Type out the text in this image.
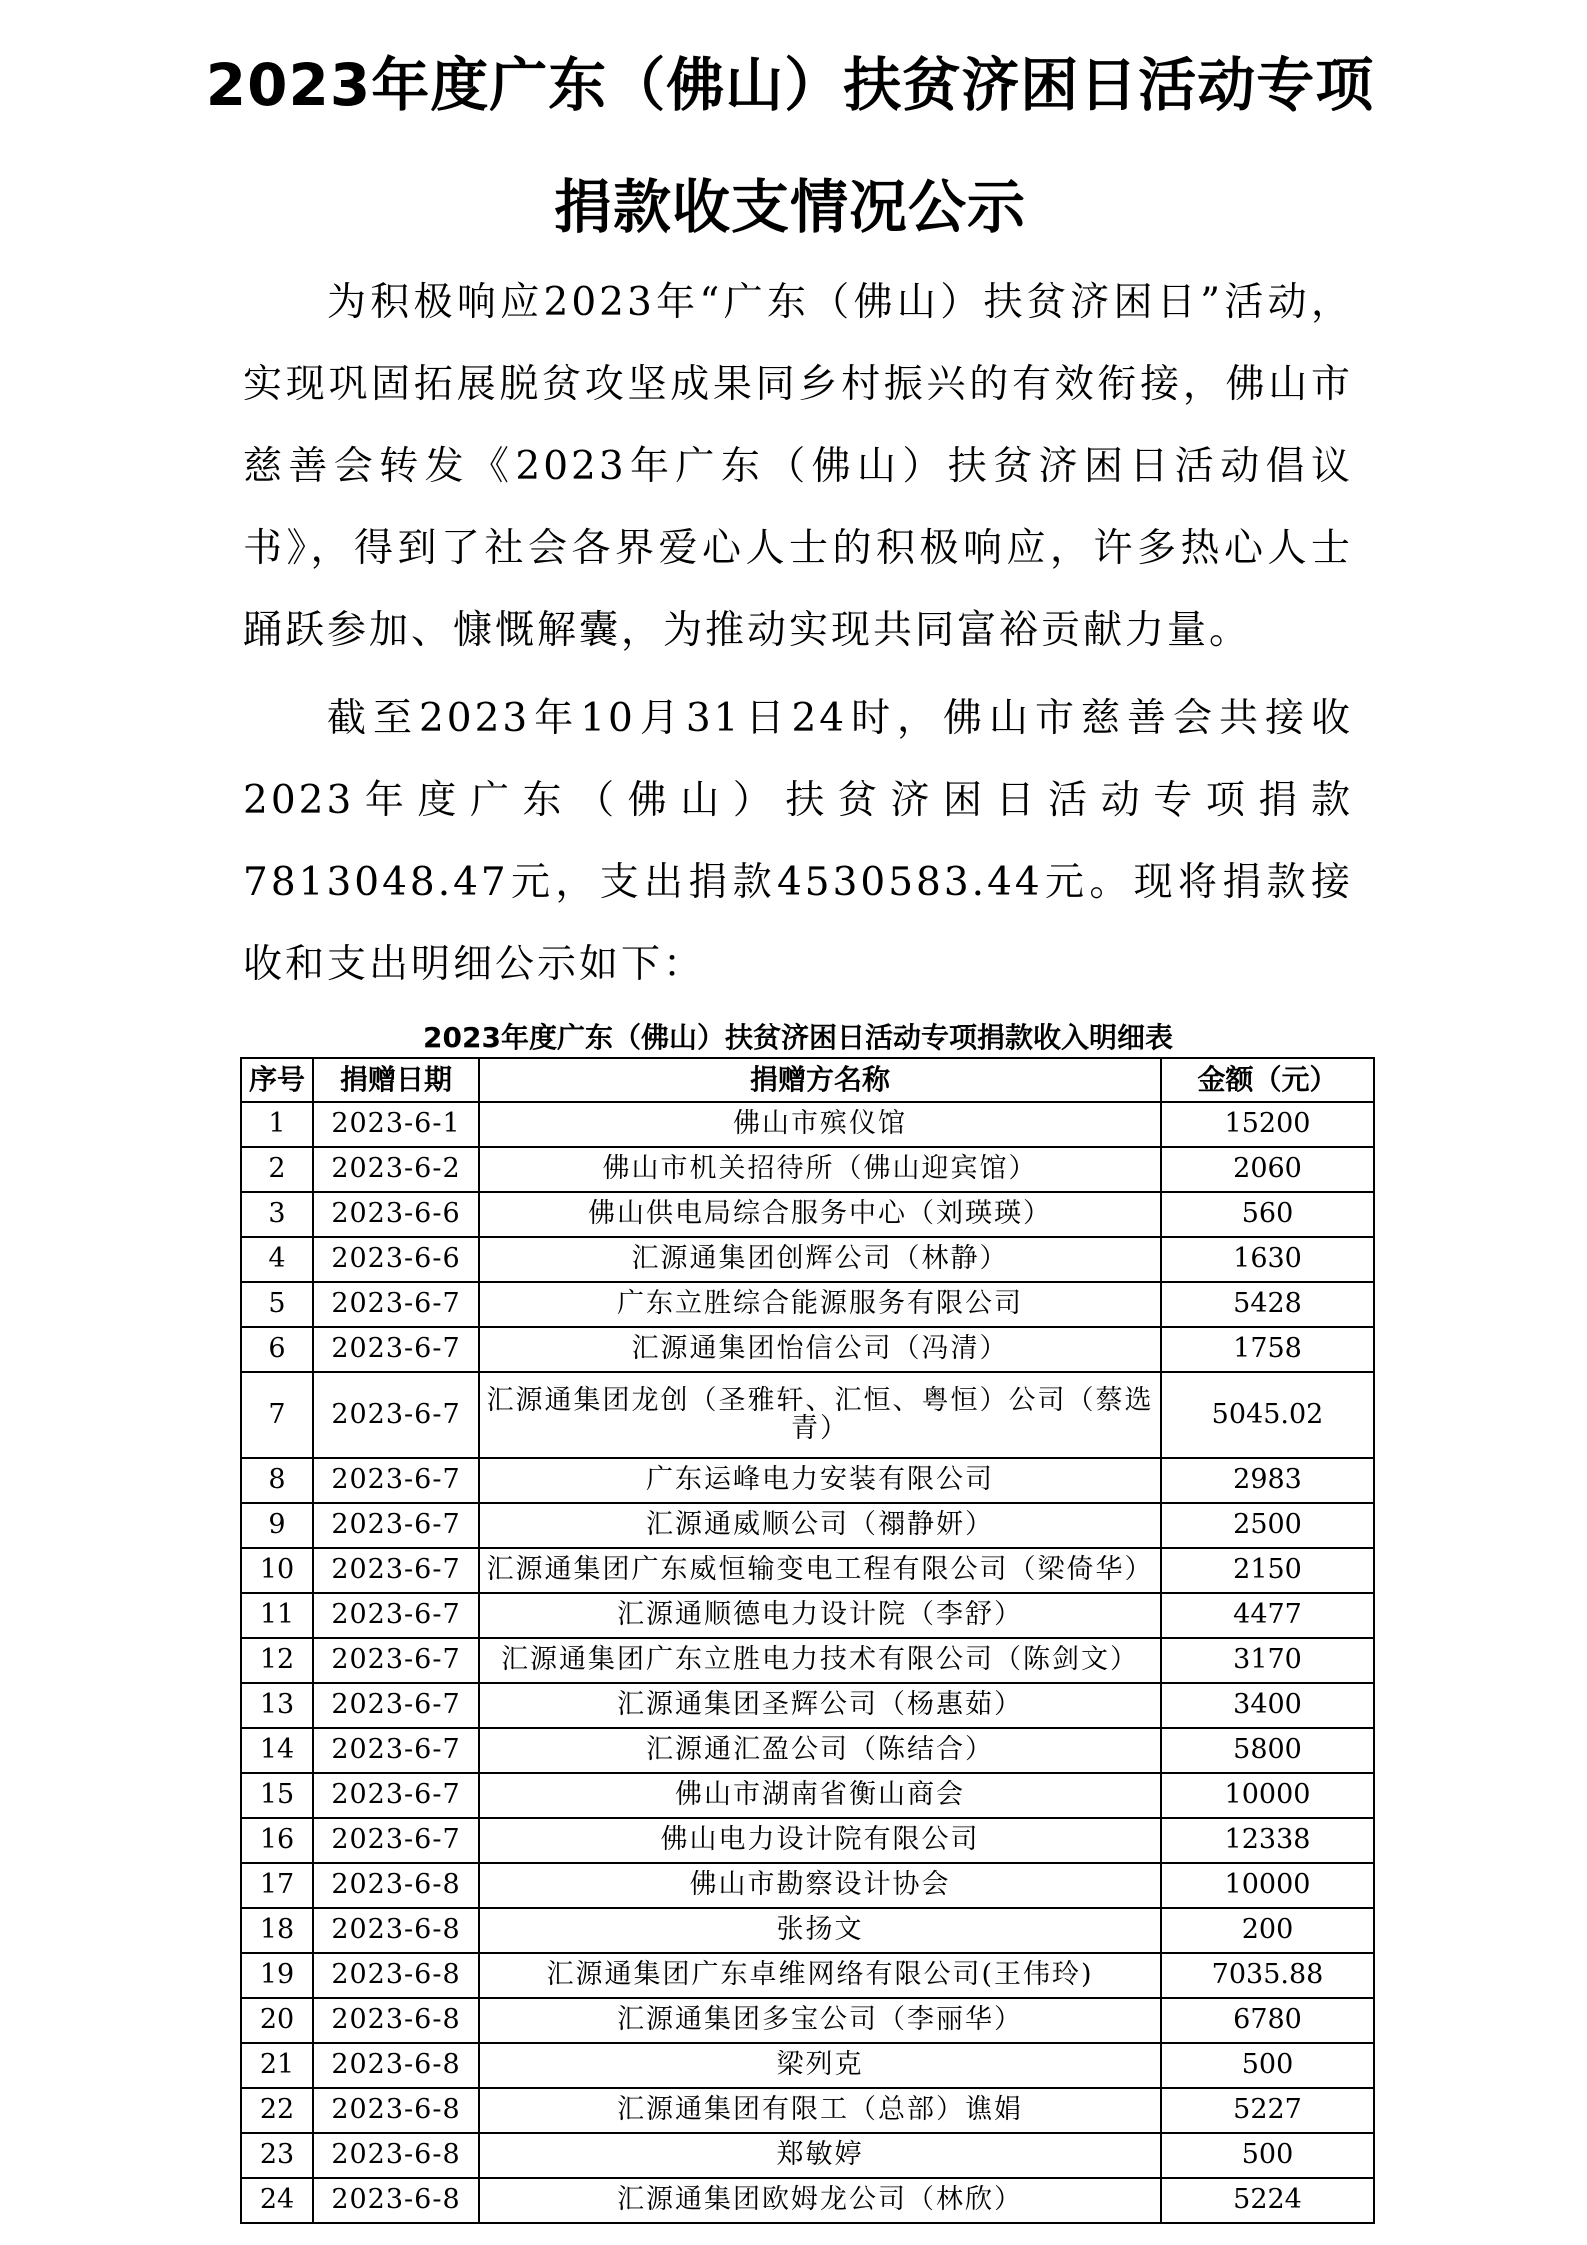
2023年度广东（佛山）扶贫济困日活动专项
捐款收支情况公示

为积极响应2023年“广东（佛山）扶贫济困日”活动，实现巩固拓展脱贫攻坚成果同乡村振兴的有效衔接，佛山市慈善会转发《2023年广东（佛山）扶贫济困日活动倡议书》，得到了社会各界爱心人士的积极响应，许多热心人士踊跃参加、慷慨解囊，为推动实现共同富裕贡献力量。

截至2023年10月31日24时，佛山市慈善会共接收2023年度广东（佛山）扶贫济困日活动专项捐款7813048.47元，支出捐款4530583.44元。现将捐款接收和支出明细公示如下：

2023年度广东（佛山）扶贫济困日活动专项捐款收入明细表
序号	捐赠日期	捐赠方名称	金额（元）
1	2023-6-1	佛山市殡仪馆	15200
2	2023-6-2	佛山市机关招待所（佛山迎宾馆）	2060
3	2023-6-6	佛山供电局综合服务中心（刘瑛瑛）	560
4	2023-6-6	汇源通集团创辉公司（林静）	1630
5	2023-6-7	广东立胜综合能源服务有限公司	5428
6	2023-6-7	汇源通集团怡信公司（冯清）	1758
7	2023-6-7	汇源通集团龙创（圣雅轩、汇恒、粤恒）公司（蔡选青）	5045.02
8	2023-6-7	广东运峰电力安装有限公司	2983
9	2023-6-7	汇源通威顺公司（禤静妍）	2500
10	2023-6-7	汇源通集团广东威恒输变电工程有限公司（梁倚华）	2150
11	2023-6-7	汇源通顺德电力设计院（李舒）	4477
12	2023-6-7	汇源通集团广东立胜电力技术有限公司（陈剑文）	3170
13	2023-6-7	汇源通集团圣辉公司（杨惠茹）	3400
14	2023-6-7	汇源通汇盈公司（陈结合）	5800
15	2023-6-7	佛山市湖南省衡山商会	10000
16	2023-6-7	佛山电力设计院有限公司	12338
17	2023-6-8	佛山市勘察设计协会	10000
18	2023-6-8	张扬文	200
19	2023-6-8	汇源通集团广东卓维网络有限公司(王伟玲)	7035.88
20	2023-6-8	汇源通集团多宝公司（李丽华）	6780
21	2023-6-8	梁列克	500
22	2023-6-8	汇源通集团有限工（总部）谯娟	5227
23	2023-6-8	郑敏婷	500
24	2023-6-8	汇源通集团欧姆龙公司（林欣）	5224
